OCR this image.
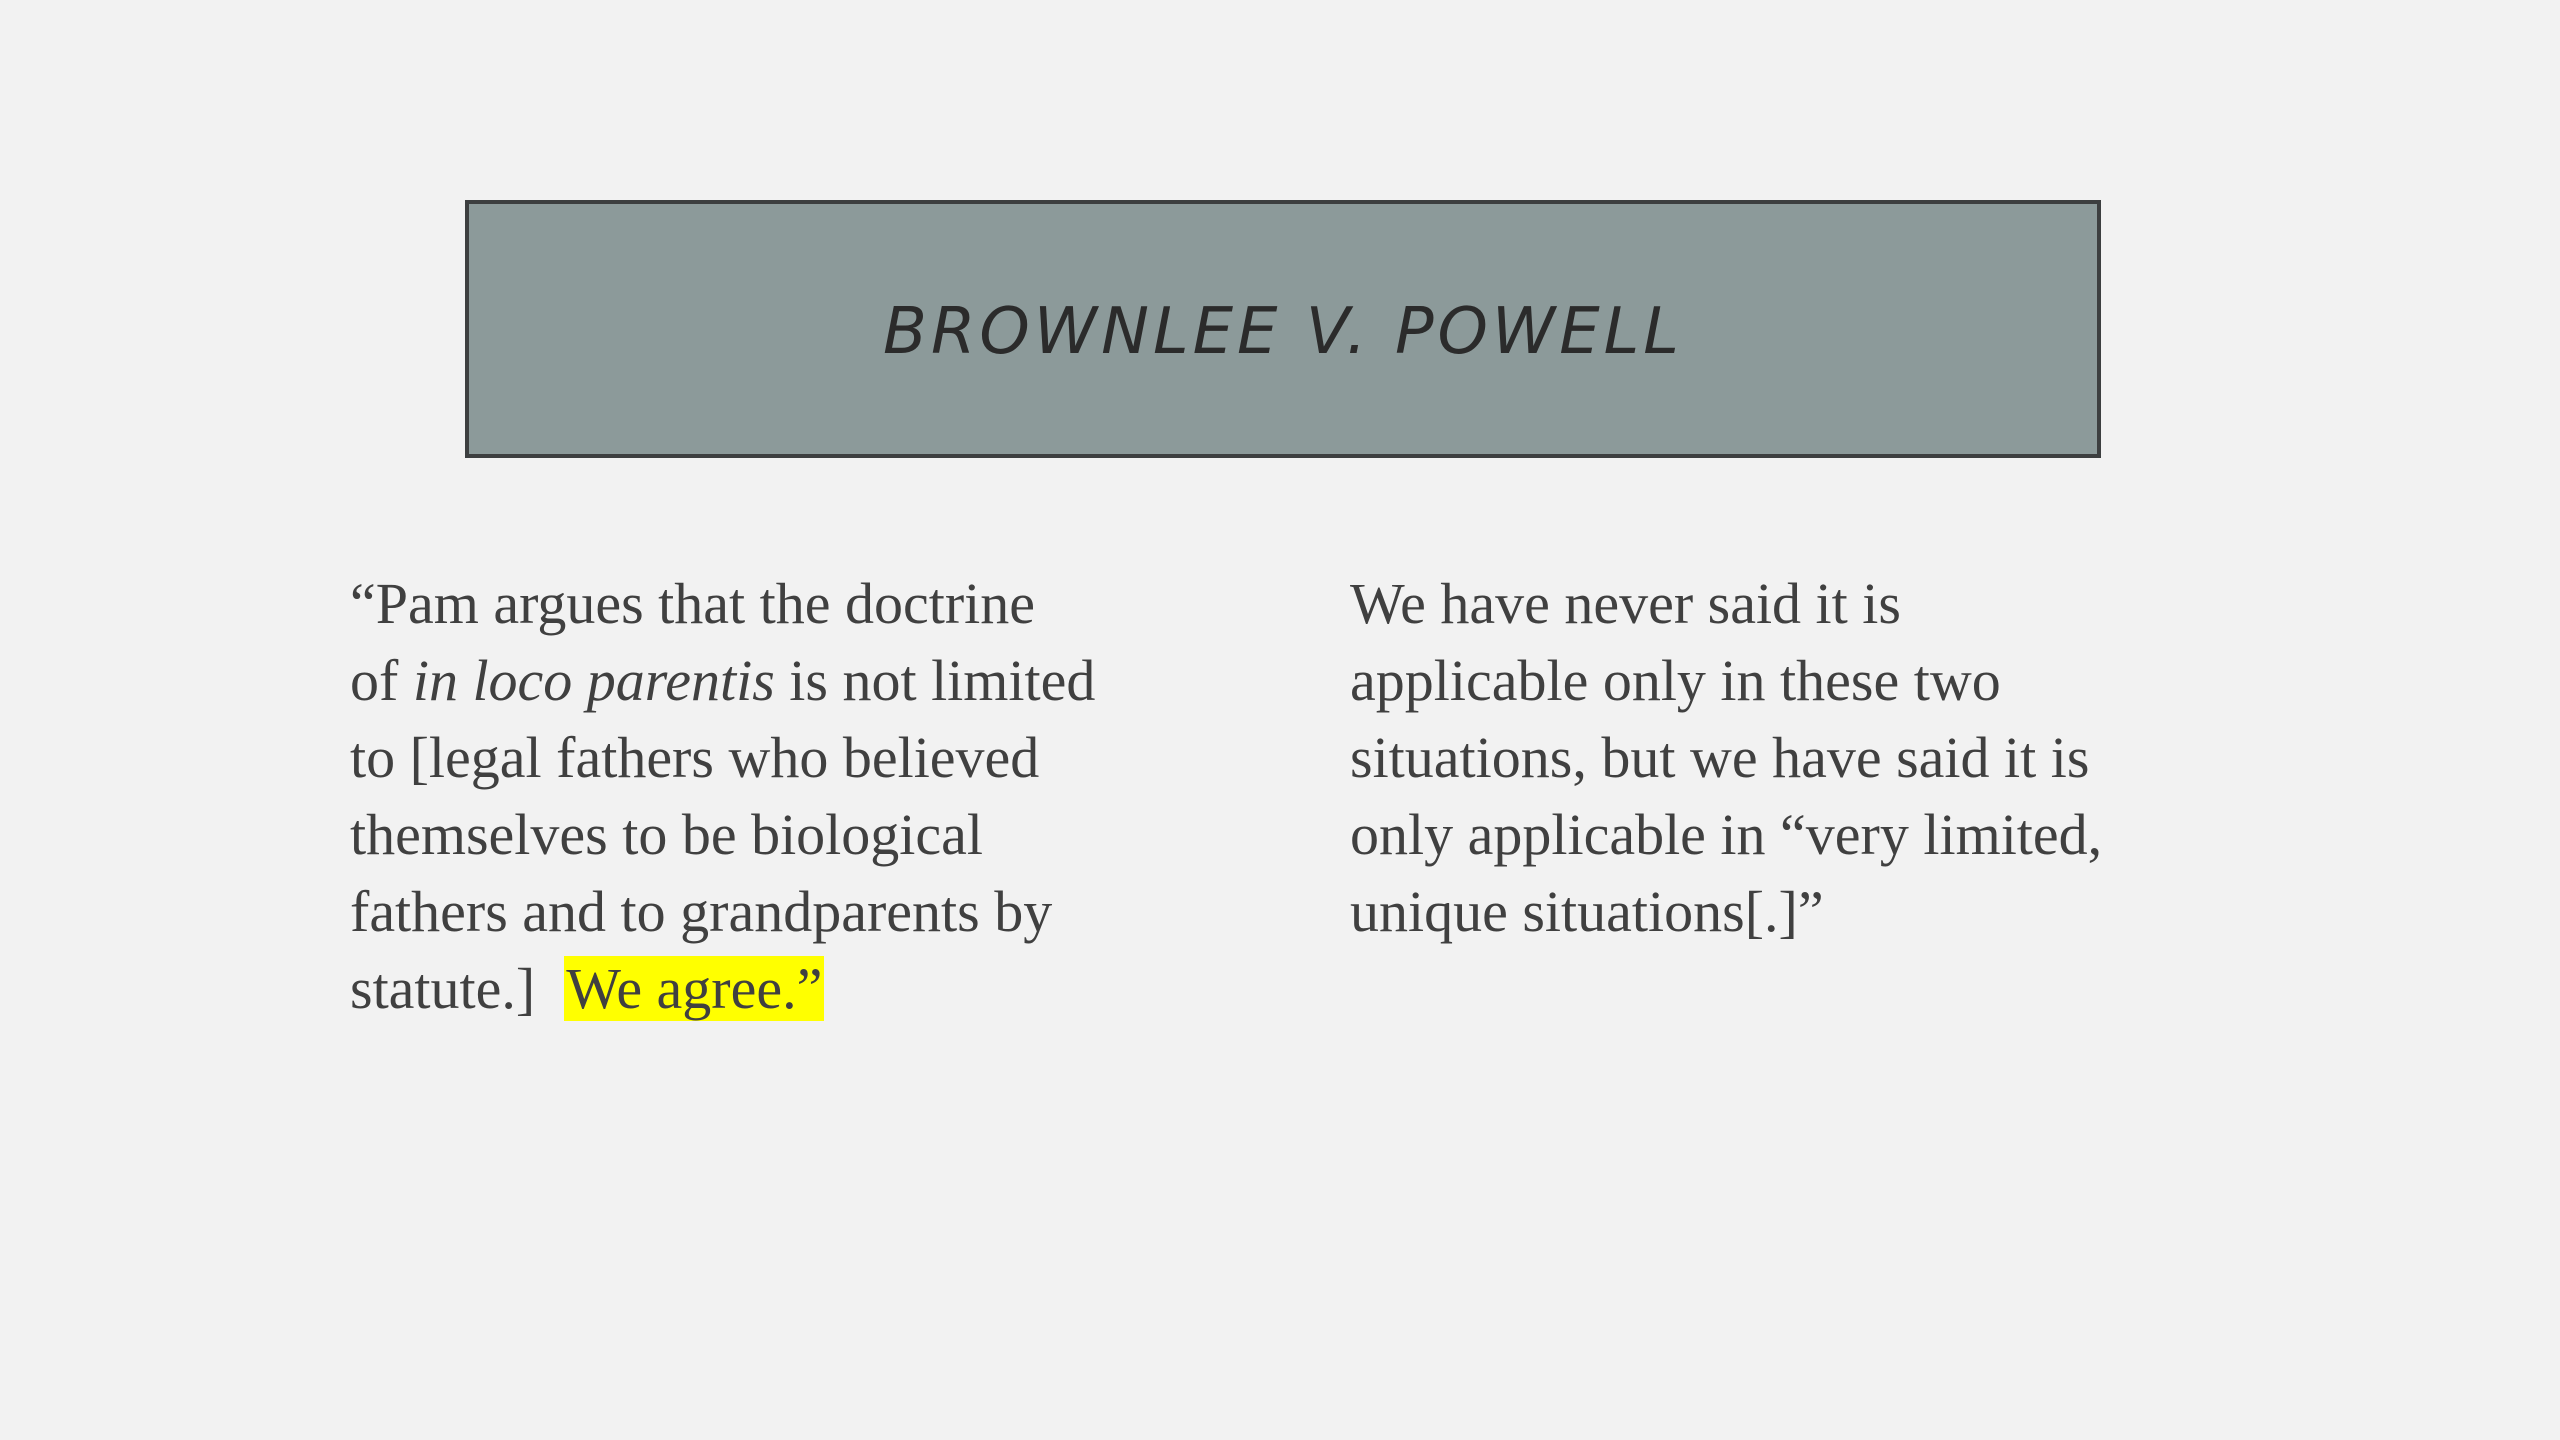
BROWNLEE V. POWELL
“Pam argues that the doctrine
of in loco parentis is not limited
to [legal fathers who believed
themselves to be biological
fathers and to grandparents by
statute.]  We agree.”
We have never said it is
applicable only in these two
situations, but we have said it is
only applicable in “very limited,
unique situations[.]”
